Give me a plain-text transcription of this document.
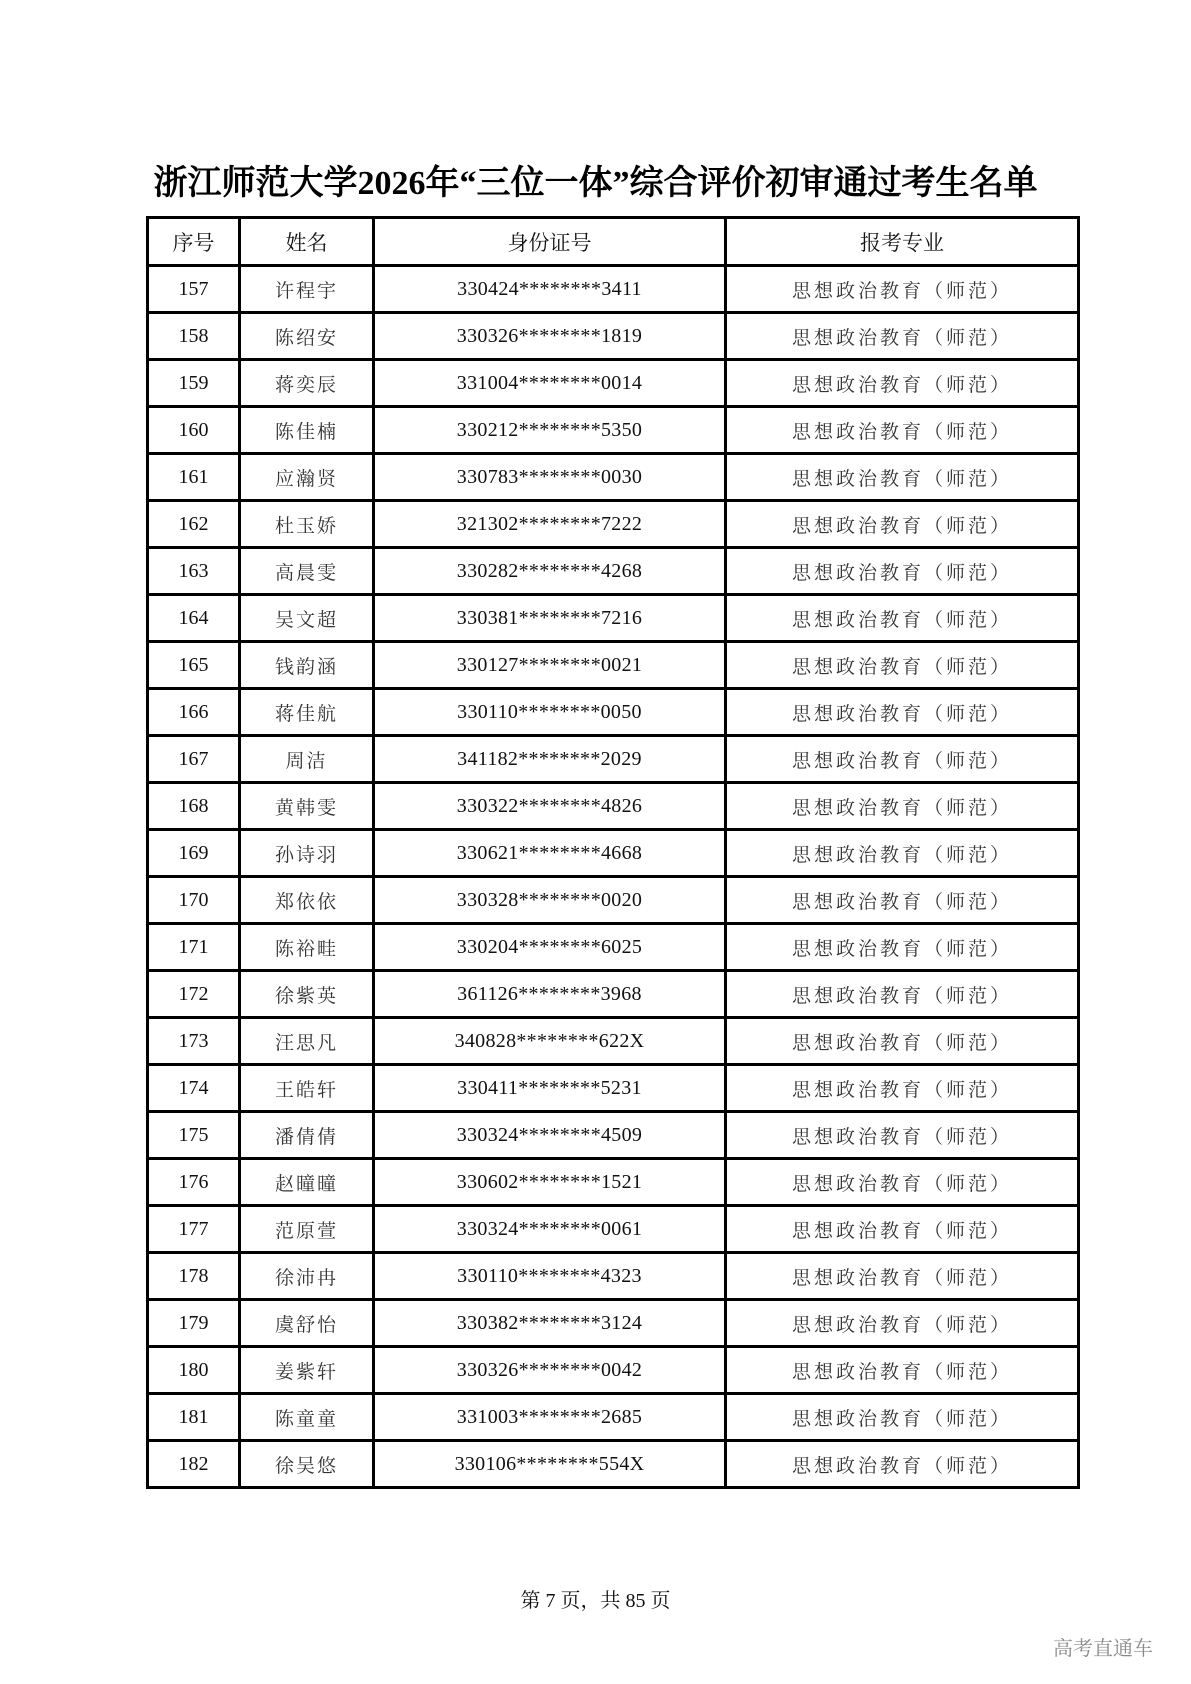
浙江师范大学2026年“三位一体”综合评价初审通过考生名单
序号	姓名	身份证号	报考专业
157	许程宇	330424********3411	思想政治教育（师范）
158	陈绍安	330326********1819	思想政治教育（师范）
159	蒋奕辰	331004********0014	思想政治教育（师范）
160	陈佳楠	330212********5350	思想政治教育（师范）
161	应瀚贤	330783********0030	思想政治教育（师范）
162	杜玉娇	321302********7222	思想政治教育（师范）
163	高晨雯	330282********4268	思想政治教育（师范）
164	吴文超	330381********7216	思想政治教育（师范）
165	钱韵涵	330127********0021	思想政治教育（师范）
166	蒋佳航	330110********0050	思想政治教育（师范）
167	周洁	341182********2029	思想政治教育（师范）
168	黄韩雯	330322********4826	思想政治教育（师范）
169	孙诗羽	330621********4668	思想政治教育（师范）
170	郑依依	330328********0020	思想政治教育（师范）
171	陈裕畦	330204********6025	思想政治教育（师范）
172	徐紫英	361126********3968	思想政治教育（师范）
173	汪思凡	340828********622X	思想政治教育（师范）
174	王皓轩	330411********5231	思想政治教育（师范）
175	潘倩倩	330324********4509	思想政治教育（师范）
176	赵曈曈	330602********1521	思想政治教育（师范）
177	范原萱	330324********0061	思想政治教育（师范）
178	徐沛冉	330110********4323	思想政治教育（师范）
179	虞舒怡	330382********3124	思想政治教育（师范）
180	姜紫轩	330326********0042	思想政治教育（师范）
181	陈童童	331003********2685	思想政治教育（师范）
182	徐吴悠	330106********554X	思想政治教育（师范）
第 7 页，共 85 页
高考直通车
